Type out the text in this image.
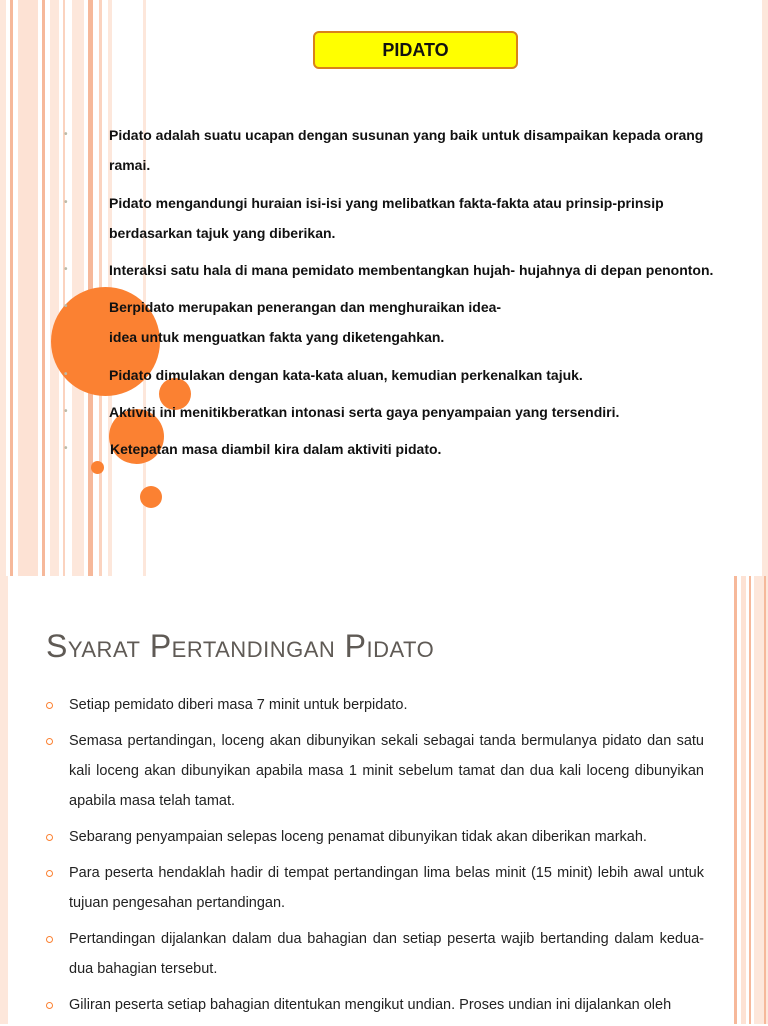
PIDATO
•	Pidato adalah suatu ucapan dengan susunan yang baik untuk disampaikan kepada orang ramai.
•	Pidato mengandungi huraian isi-isi yang melibatkan fakta-fakta atau prinsip-prinsip berdasarkan tajuk yang diberikan.
•	Interaksi satu hala di mana pemidato membentangkan hujah- hujahnya di depan penonton.
•	Berpidato merupakan penerangan dan menghuraikan idea-
idea untuk menguatkan fakta yang diketengahkan.
•	Pidato dimulakan dengan kata-kata aluan, kemudian perkenalkan tajuk.
•	Aktiviti ini menitikberatkan intonasi serta gaya penyampaian yang tersendiri.
•	Ketepatan masa diambil kira dalam aktiviti pidato.
Syarat Pertandingan Pidato
Setiap pemidato diberi masa 7 minit untuk berpidato.
Semasa pertandingan, loceng akan dibunyikan sekali sebagai tanda bermulanya pidato dan satu kali loceng akan dibunyikan apabila masa 1 minit sebelum tamat dan dua kali loceng dibunyikan apabila masa telah tamat.
Sebarang penyampaian selepas loceng penamat dibunyikan tidak akan diberikan markah.
Para peserta hendaklah hadir di tempat pertandingan lima belas minit (15 minit) lebih awal untuk tujuan pengesahan pertandingan.
Pertandingan dijalankan dalam dua bahagian dan setiap peserta wajib bertanding dalam kedua-dua bahagian tersebut.
Giliran peserta setiap bahagian ditentukan mengikut undian. Proses undian ini dijalankan oleh
